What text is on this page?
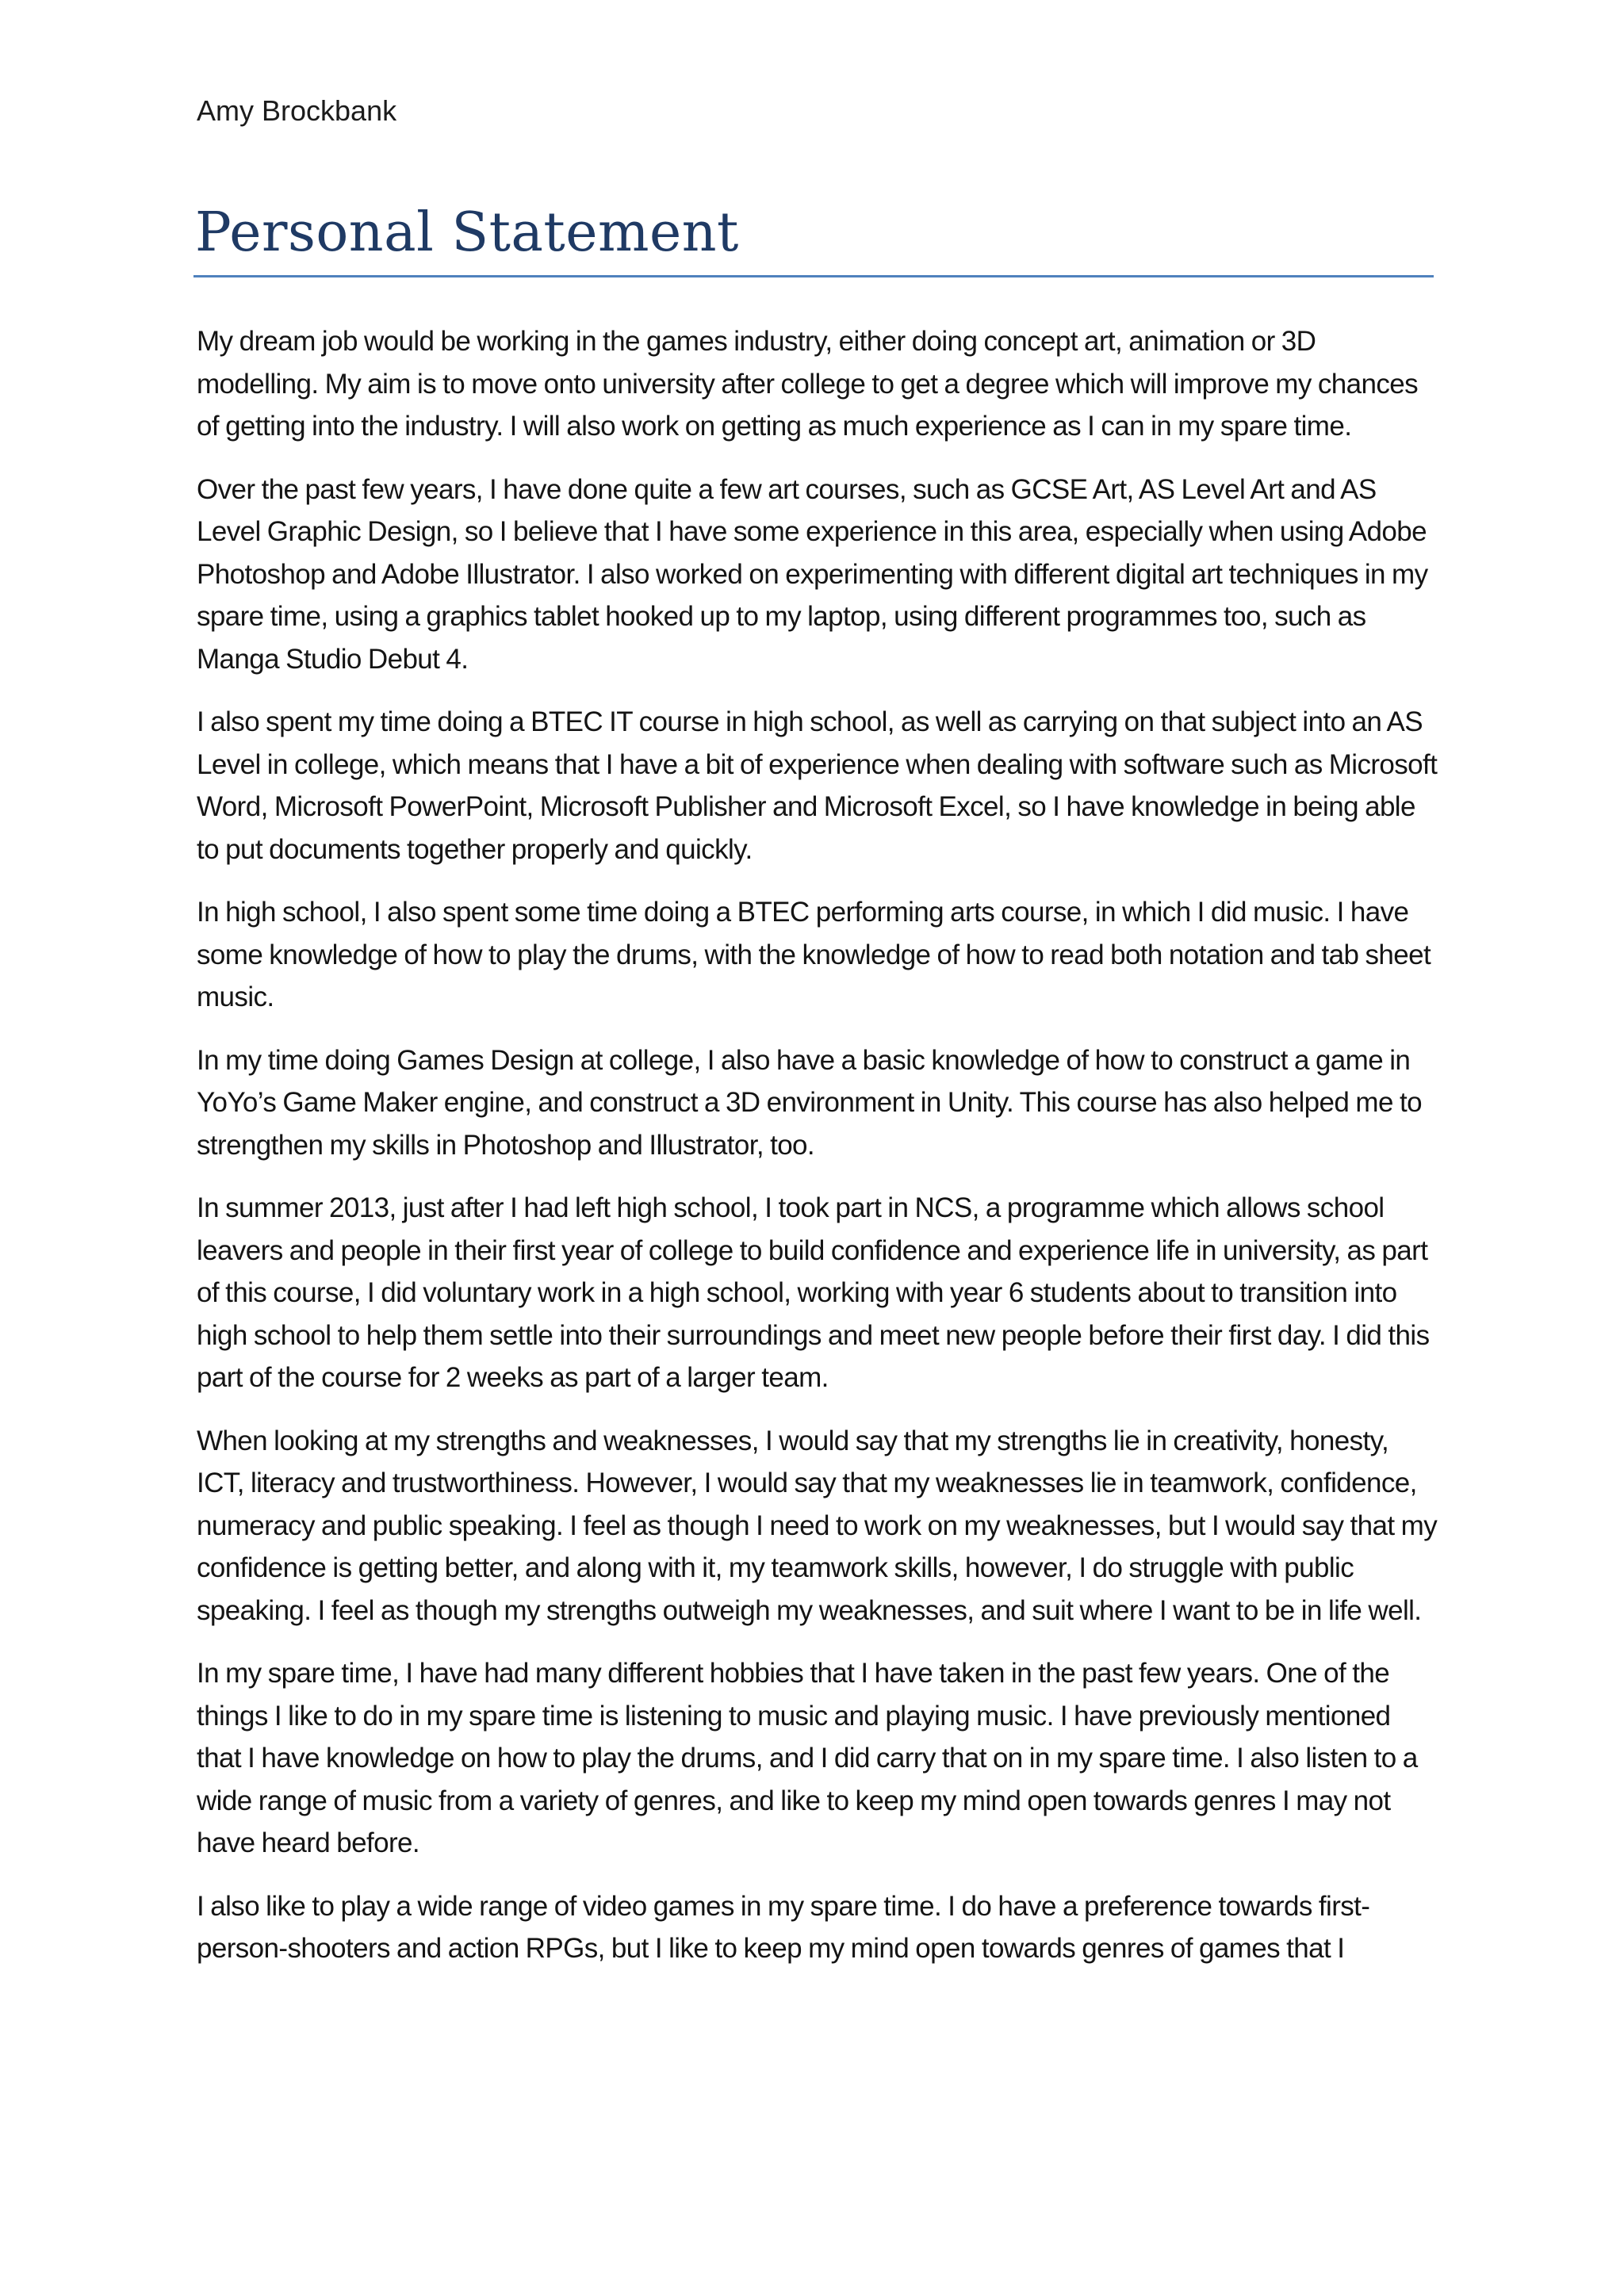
Amy Brockbank

Personal Statement

My dream job would be working in the games industry, either doing concept art, animation or 3D modelling. My aim is to move onto university after college to get a degree which will improve my chances of getting into the industry. I will also work on getting as much experience as I can in my spare time.

Over the past few years, I have done quite a few art courses, such as GCSE Art, AS Level Art and AS Level Graphic Design, so I believe that I have some experience in this area, especially when using Adobe Photoshop and Adobe Illustrator. I also worked on experimenting with different digital art techniques in my spare time, using a graphics tablet hooked up to my laptop, using different programmes too, such as Manga Studio Debut 4.

I also spent my time doing a BTEC IT course in high school, as well as carrying on that subject into an AS Level in college, which means that I have a bit of experience when dealing with software such as Microsoft Word, Microsoft PowerPoint, Microsoft Publisher and Microsoft Excel, so I have knowledge in being able to put documents together properly and quickly.

In high school, I also spent some time doing a BTEC performing arts course, in which I did music. I have some knowledge of how to play the drums, with the knowledge of how to read both notation and tab sheet music.

In my time doing Games Design at college, I also have a basic knowledge of how to construct a game in YoYo’s Game Maker engine, and construct a 3D environment in Unity. This course has also helped me to strengthen my skills in Photoshop and Illustrator, too.

In summer 2013, just after I had left high school, I took part in NCS, a programme which allows school leavers and people in their first year of college to build confidence and experience life in university, as part of this course, I did voluntary work in a high school, working with year 6 students about to transition into high school to help them settle into their surroundings and meet new people before their first day. I did this part of the course for 2 weeks as part of a larger team.

When looking at my strengths and weaknesses, I would say that my strengths lie in creativity, honesty, ICT, literacy and trustworthiness. However, I would say that my weaknesses lie in teamwork, confidence, numeracy and public speaking. I feel as though I need to work on my weaknesses, but I would say that my confidence is getting better, and along with it, my teamwork skills, however, I do struggle with public speaking. I feel as though my strengths outweigh my weaknesses, and suit where I want to be in life well.

In my spare time, I have had many different hobbies that I have taken in the past few years. One of the things I like to do in my spare time is listening to music and playing music. I have previously mentioned that I have knowledge on how to play the drums, and I did carry that on in my spare time. I also listen to a wide range of music from a variety of genres, and like to keep my mind open towards genres I may not have heard before.

I also like to play a wide range of video games in my spare time. I do have a preference towards first-person-shooters and action RPGs, but I like to keep my mind open towards genres of games that I
